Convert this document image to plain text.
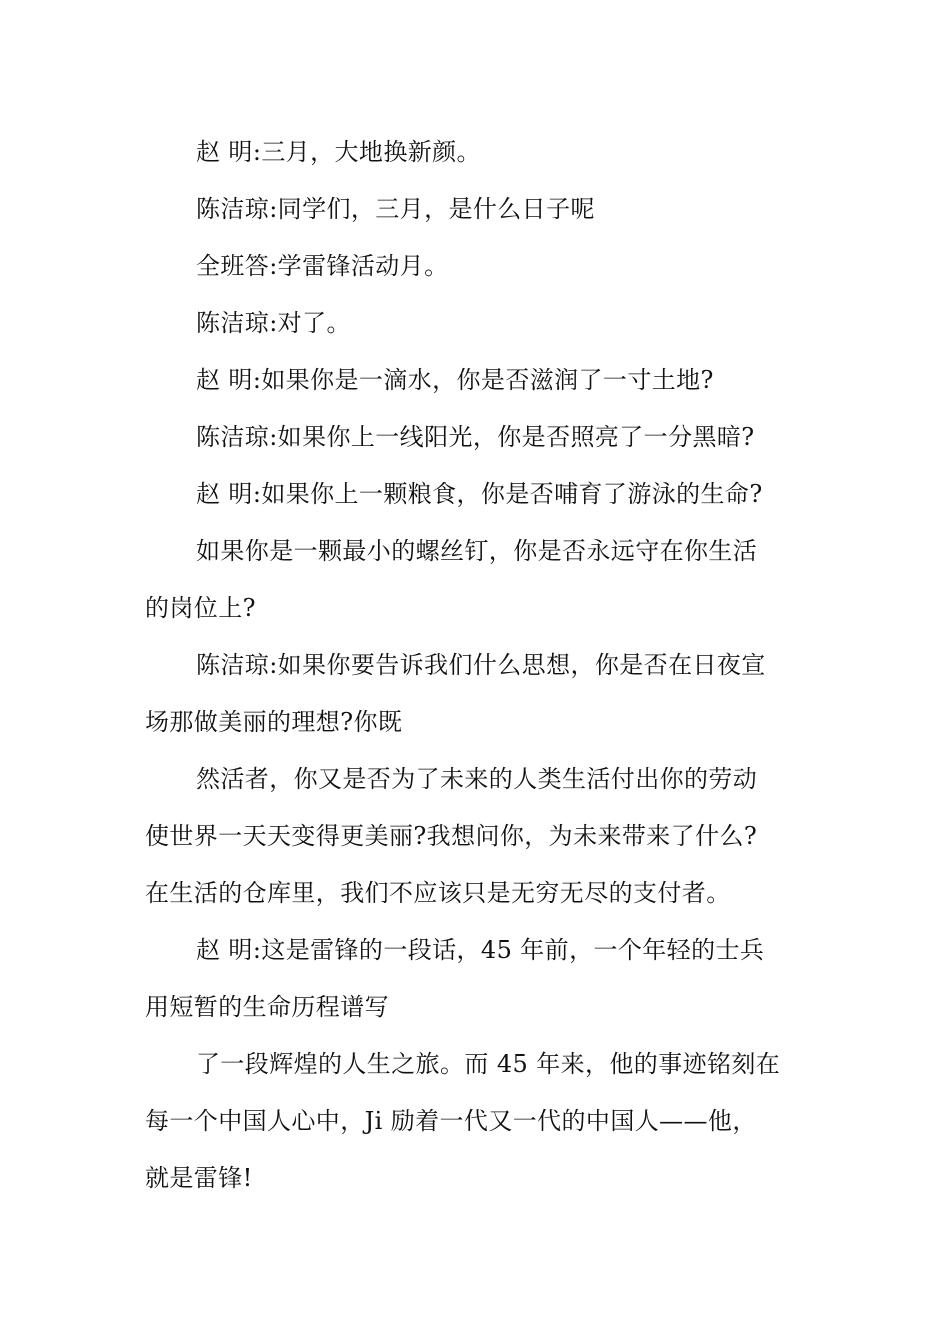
赵 明:三月，大地换新颜。

陈洁琼:同学们，三月，是什么日子呢

全班答:学雷锋活动月。

陈洁琼:对了。

赵 明:如果你是一滴水，你是否滋润了一寸土地?

陈洁琼:如果你上一线阳光，你是否照亮了一分黑暗?

赵 明:如果你上一颗粮食，你是否哺育了游泳的生命?

如果你是一颗最小的螺丝钉，你是否永远守在你生活

的岗位上?

陈洁琼:如果你要告诉我们什么思想，你是否在日夜宣

场那做美丽的理想?你既

然活者，你又是否为了未来的人类生活付出你的劳动

使世界一天天变得更美丽?我想问你，为未来带来了什么?

在生活的仓库里，我们不应该只是无穷无尽的支付者。

赵 明:这是雷锋的一段话，45 年前，一个年轻的士兵

用短暂的生命历程谱写

了一段辉煌的人生之旅。而 45 年来，他的事迹铭刻在

每一个中国人心中，Ji 励着一代又一代的中国人——他，

就是雷锋!
